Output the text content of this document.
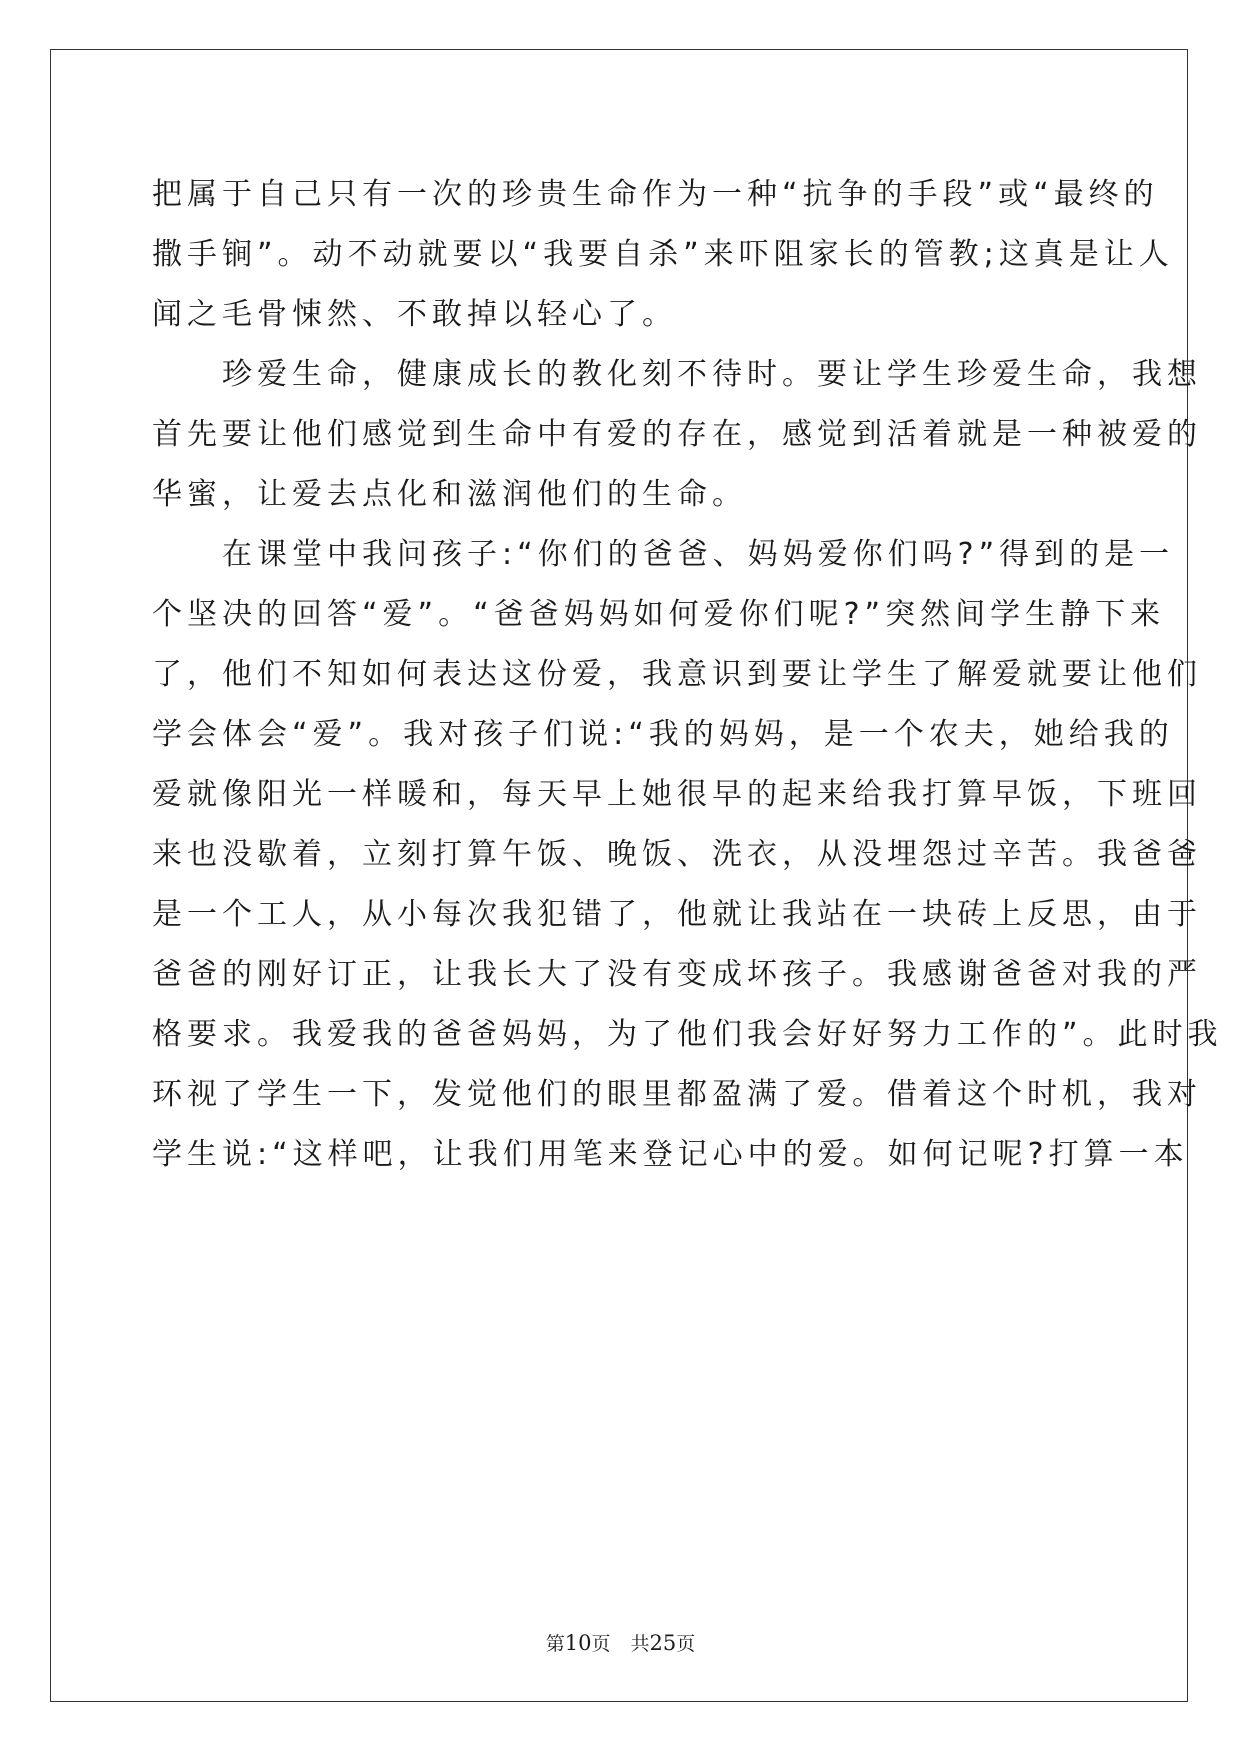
把属于自己只有一次的珍贵生命作为一种“抗争的手段”或“最终的
撒手锏”。动不动就要以“我要自杀”来吓阻家长的管教;这真是让人
闻之毛骨悚然、不敢掉以轻心了。
　　珍爱生命，健康成长的教化刻不待时。要让学生珍爱生命，我想
首先要让他们感觉到生命中有爱的存在，感觉到活着就是一种被爱的
华蜜，让爱去点化和滋润他们的生命。
　　在课堂中我问孩子:“你们的爸爸、妈妈爱你们吗?”得到的是一
个坚决的回答“爱”。“爸爸妈妈如何爱你们呢?”突然间学生静下来
了，他们不知如何表达这份爱，我意识到要让学生了解爱就要让他们
学会体会“爱”。我对孩子们说:“我的妈妈，是一个农夫，她给我的
爱就像阳光一样暖和，每天早上她很早的起来给我打算早饭，下班回
来也没歇着，立刻打算午饭、晚饭、洗衣，从没埋怨过辛苦。我爸爸
是一个工人，从小每次我犯错了，他就让我站在一块砖上反思，由于
爸爸的刚好订正，让我长大了没有变成坏孩子。我感谢爸爸对我的严
格要求。我爱我的爸爸妈妈，为了他们我会好好努力工作的”。此时我
环视了学生一下，发觉他们的眼里都盈满了爱。借着这个时机，我对
学生说:“这样吧，让我们用笔来登记心中的爱。如何记呢?打算一本
第10页 共25页
